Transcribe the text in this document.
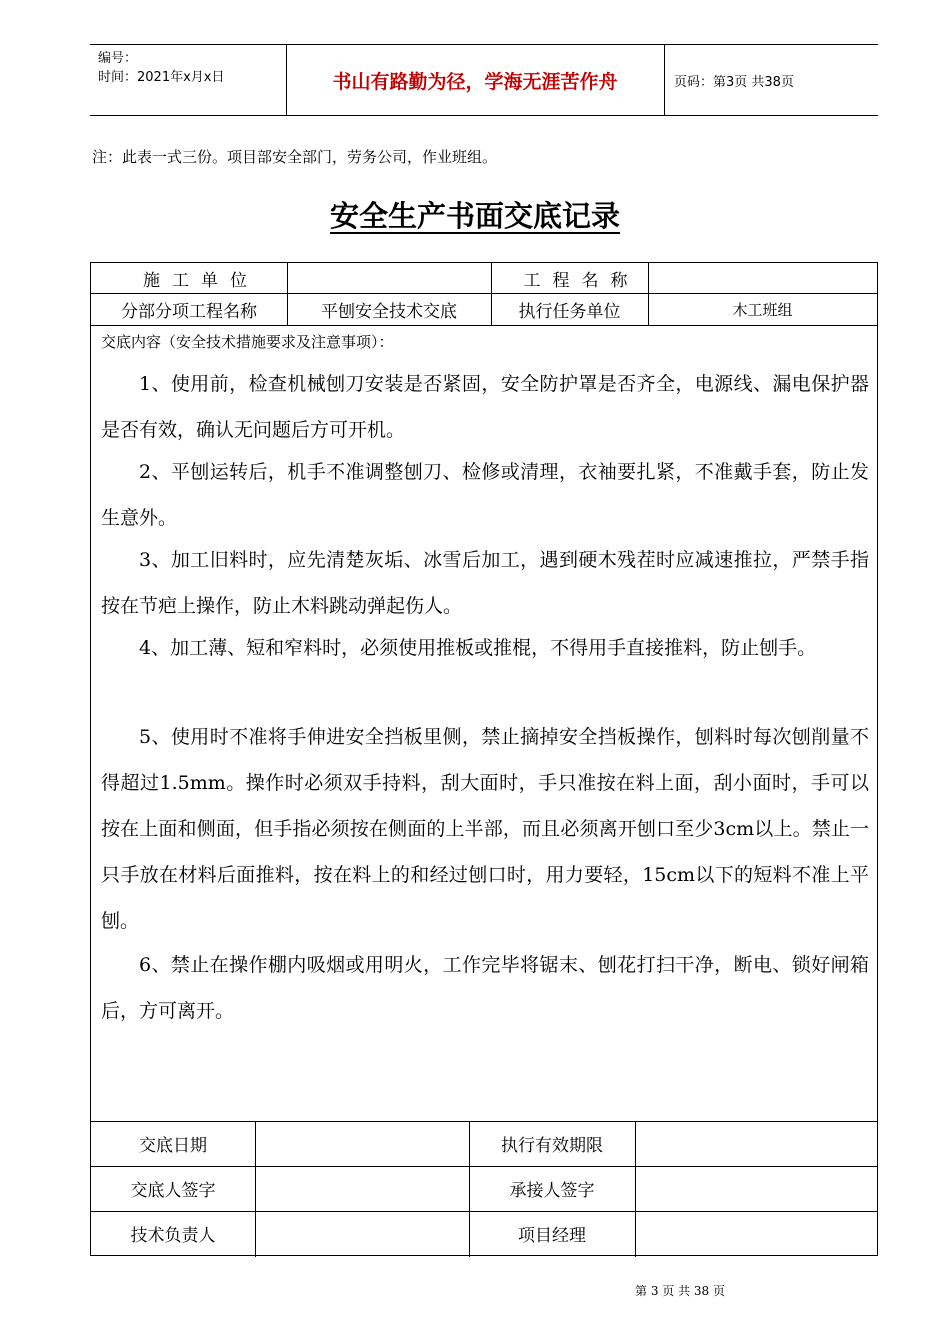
编号：
时间：2021年x月x日	书山有路勤为径，学海无涯苦作舟	页码：第3页 共38页
注：此表一式三份。项目部安全部门，劳务公司，作业班组。
安全生产书面交底记录
施工单位	工程名称
分部分项工程名称	平刨安全技术交底	执行任务单位	木工班组
交底内容（安全技术措施要求及注意事项）：

1、使用前，检查机械刨刀安装是否紧固，安全防护罩是否齐全，电源线、漏电保护器是否有效，确认无问题后方可开机。

2、平刨运转后，机手不准调整刨刀、检修或清理，衣袖要扎紧，不准戴手套，防止发生意外。

3、加工旧料时，应先清楚灰垢、冰雪后加工，遇到硬木残茬时应减速推拉，严禁手指按在节疤上操作，防止木料跳动弹起伤人。

4、加工薄、短和窄料时，必须使用推板或推棍，不得用手直接推料，防止刨手。

5、使用时不准将手伸进安全挡板里侧，禁止摘掉安全挡板操作，刨料时每次刨削量不得超过1.5mm。操作时必须双手持料，刮大面时，手只准按在料上面，刮小面时，手可以按在上面和侧面，但手指必须按在侧面的上半部，而且必须离开刨口至少3cm以上。禁止一只手放在材料后面推料，按在料上的和经过刨口时，用力要轻，15cm以下的短料不准上平刨。

6、禁止在操作棚内吸烟或用明火，工作完毕将锯末、刨花打扫干净，断电、锁好闸箱后，方可离开。

交底日期	执行有效期限
交底人签字	承接人签字
技术负责人	项目经理
第 3 页 共 38 页
